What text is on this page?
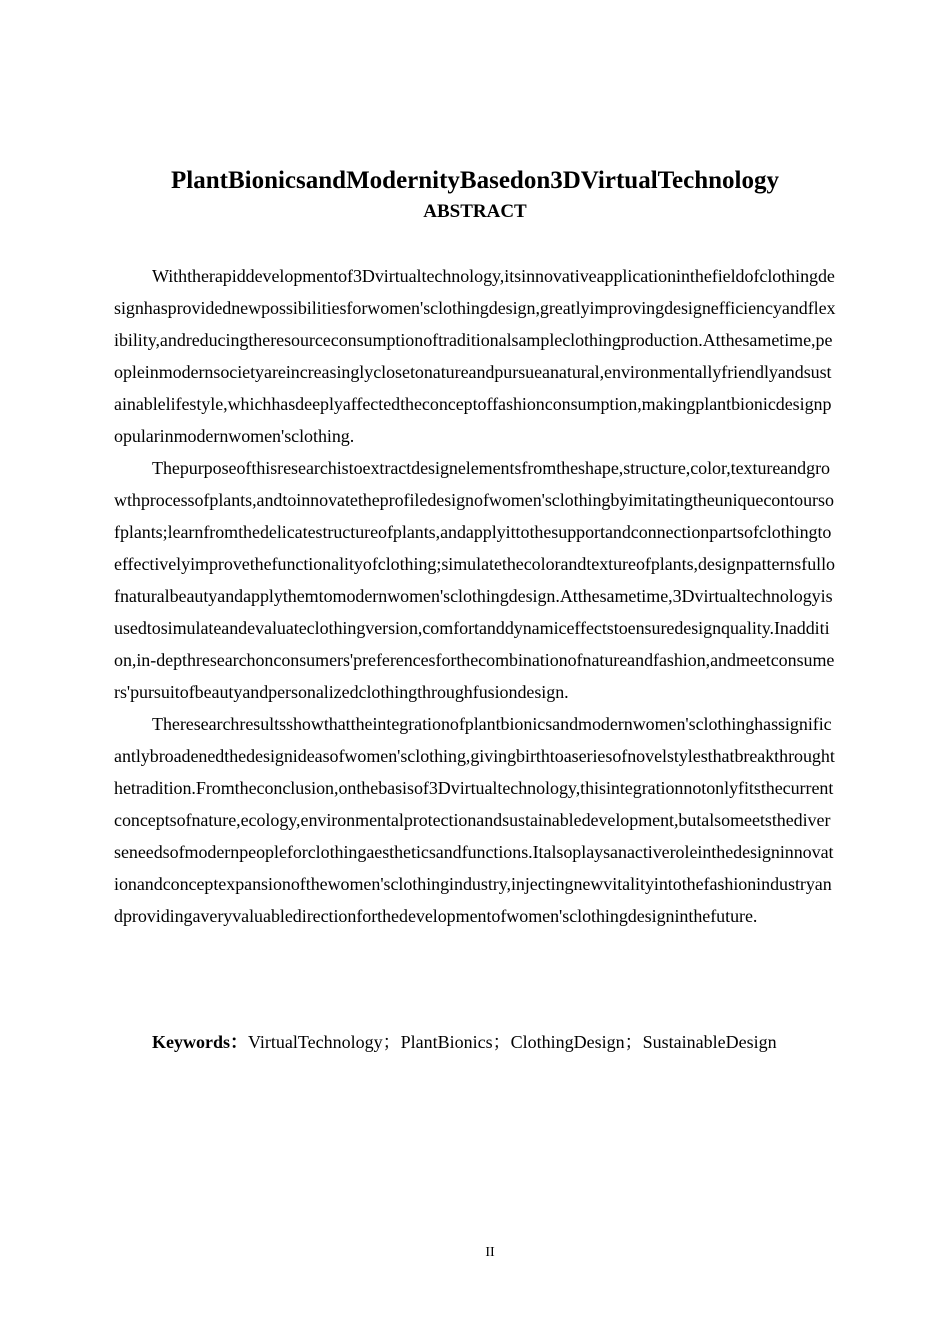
PlantBionicsandModernityBasedon3DVirtualTechnology
ABSTRACT

Withtherapiddevelopmentof3Dvirtualtechnology,itsinnovativeapplicationinthefieldofclothingdesignhasprovidednewpossibilitiesforwomen'sclothingdesign,greatlyimprovingdesignefficiencyandflexibility,andreducingtheresourceconsumptionoftraditionalsampleclothingproduction.Atthesametime,peopleinmodernsocietyareincreasinglyclosetonatureandpursueanatural,environmentallyfriendlyandsustainablelifestyle,whichhasdeeplyaffectedtheconceptoffashionconsumption,makingplantbionicdesignpopularinmodernwomen'sclothing.

Thepurposeofthisresearchistoextractdesignelementsfromtheshape,structure,color,textureandgrowthprocessofplants,andtoinnovatetheprofiledesignofwomen'sclothingbyimitatingtheuniquecontoursofplants;learnfromthedelicatestructureofplants,andapplyittothesupportandconnectionpartsofclothingtoeffectivelyimprovethefunctionalityofclothing;simulatethecolorandtextureofplants,designpatternsfullofnaturalbeautyandapplythemtomodernwomen'sclothingdesign.Atthesametime,3Dvirtualtechnologyisusedtosimulateandevaluateclothingversion,comfortanddynamiceffectstoensuredesignquality.Inaddition,in-depthresearchonconsumers'preferencesforthecombinationofnatureandfashion,andmeetconsumers'pursuitofbeautyandpersonalizedclothingthroughfusiondesign.

Theresearchresultsshowthattheintegrationofplantbionicsandmodernwomen'sclothinghassignificantlybroadenedthedesignideasofwomen'sclothing,givingbirthtoaseriesofnovelstylesthatbreakthroughthetradition.Fromtheconclusion,onthebasisof3Dvirtualtechnology,thisintegrationnotonlyfitsthecurrentconceptsofnature,ecology,environmentalprotectionandsustainabledevelopment,butalsomeetsthediverseneedsofmodernpeopleforclothingaestheticsandfunctions.Italsoplaysanactiveroleinthedesigninnovationandconceptexpansionofthewomen'sclothingindustry,injectingnewvitalityintothefashionindustryandprovidingaveryvaluabledirectionforthedevelopmentofwomen'sclothingdesigninthefuture.

Keywords：VirtualTechnology；PlantBionics；ClothingDesign；SustainableDesign

II
